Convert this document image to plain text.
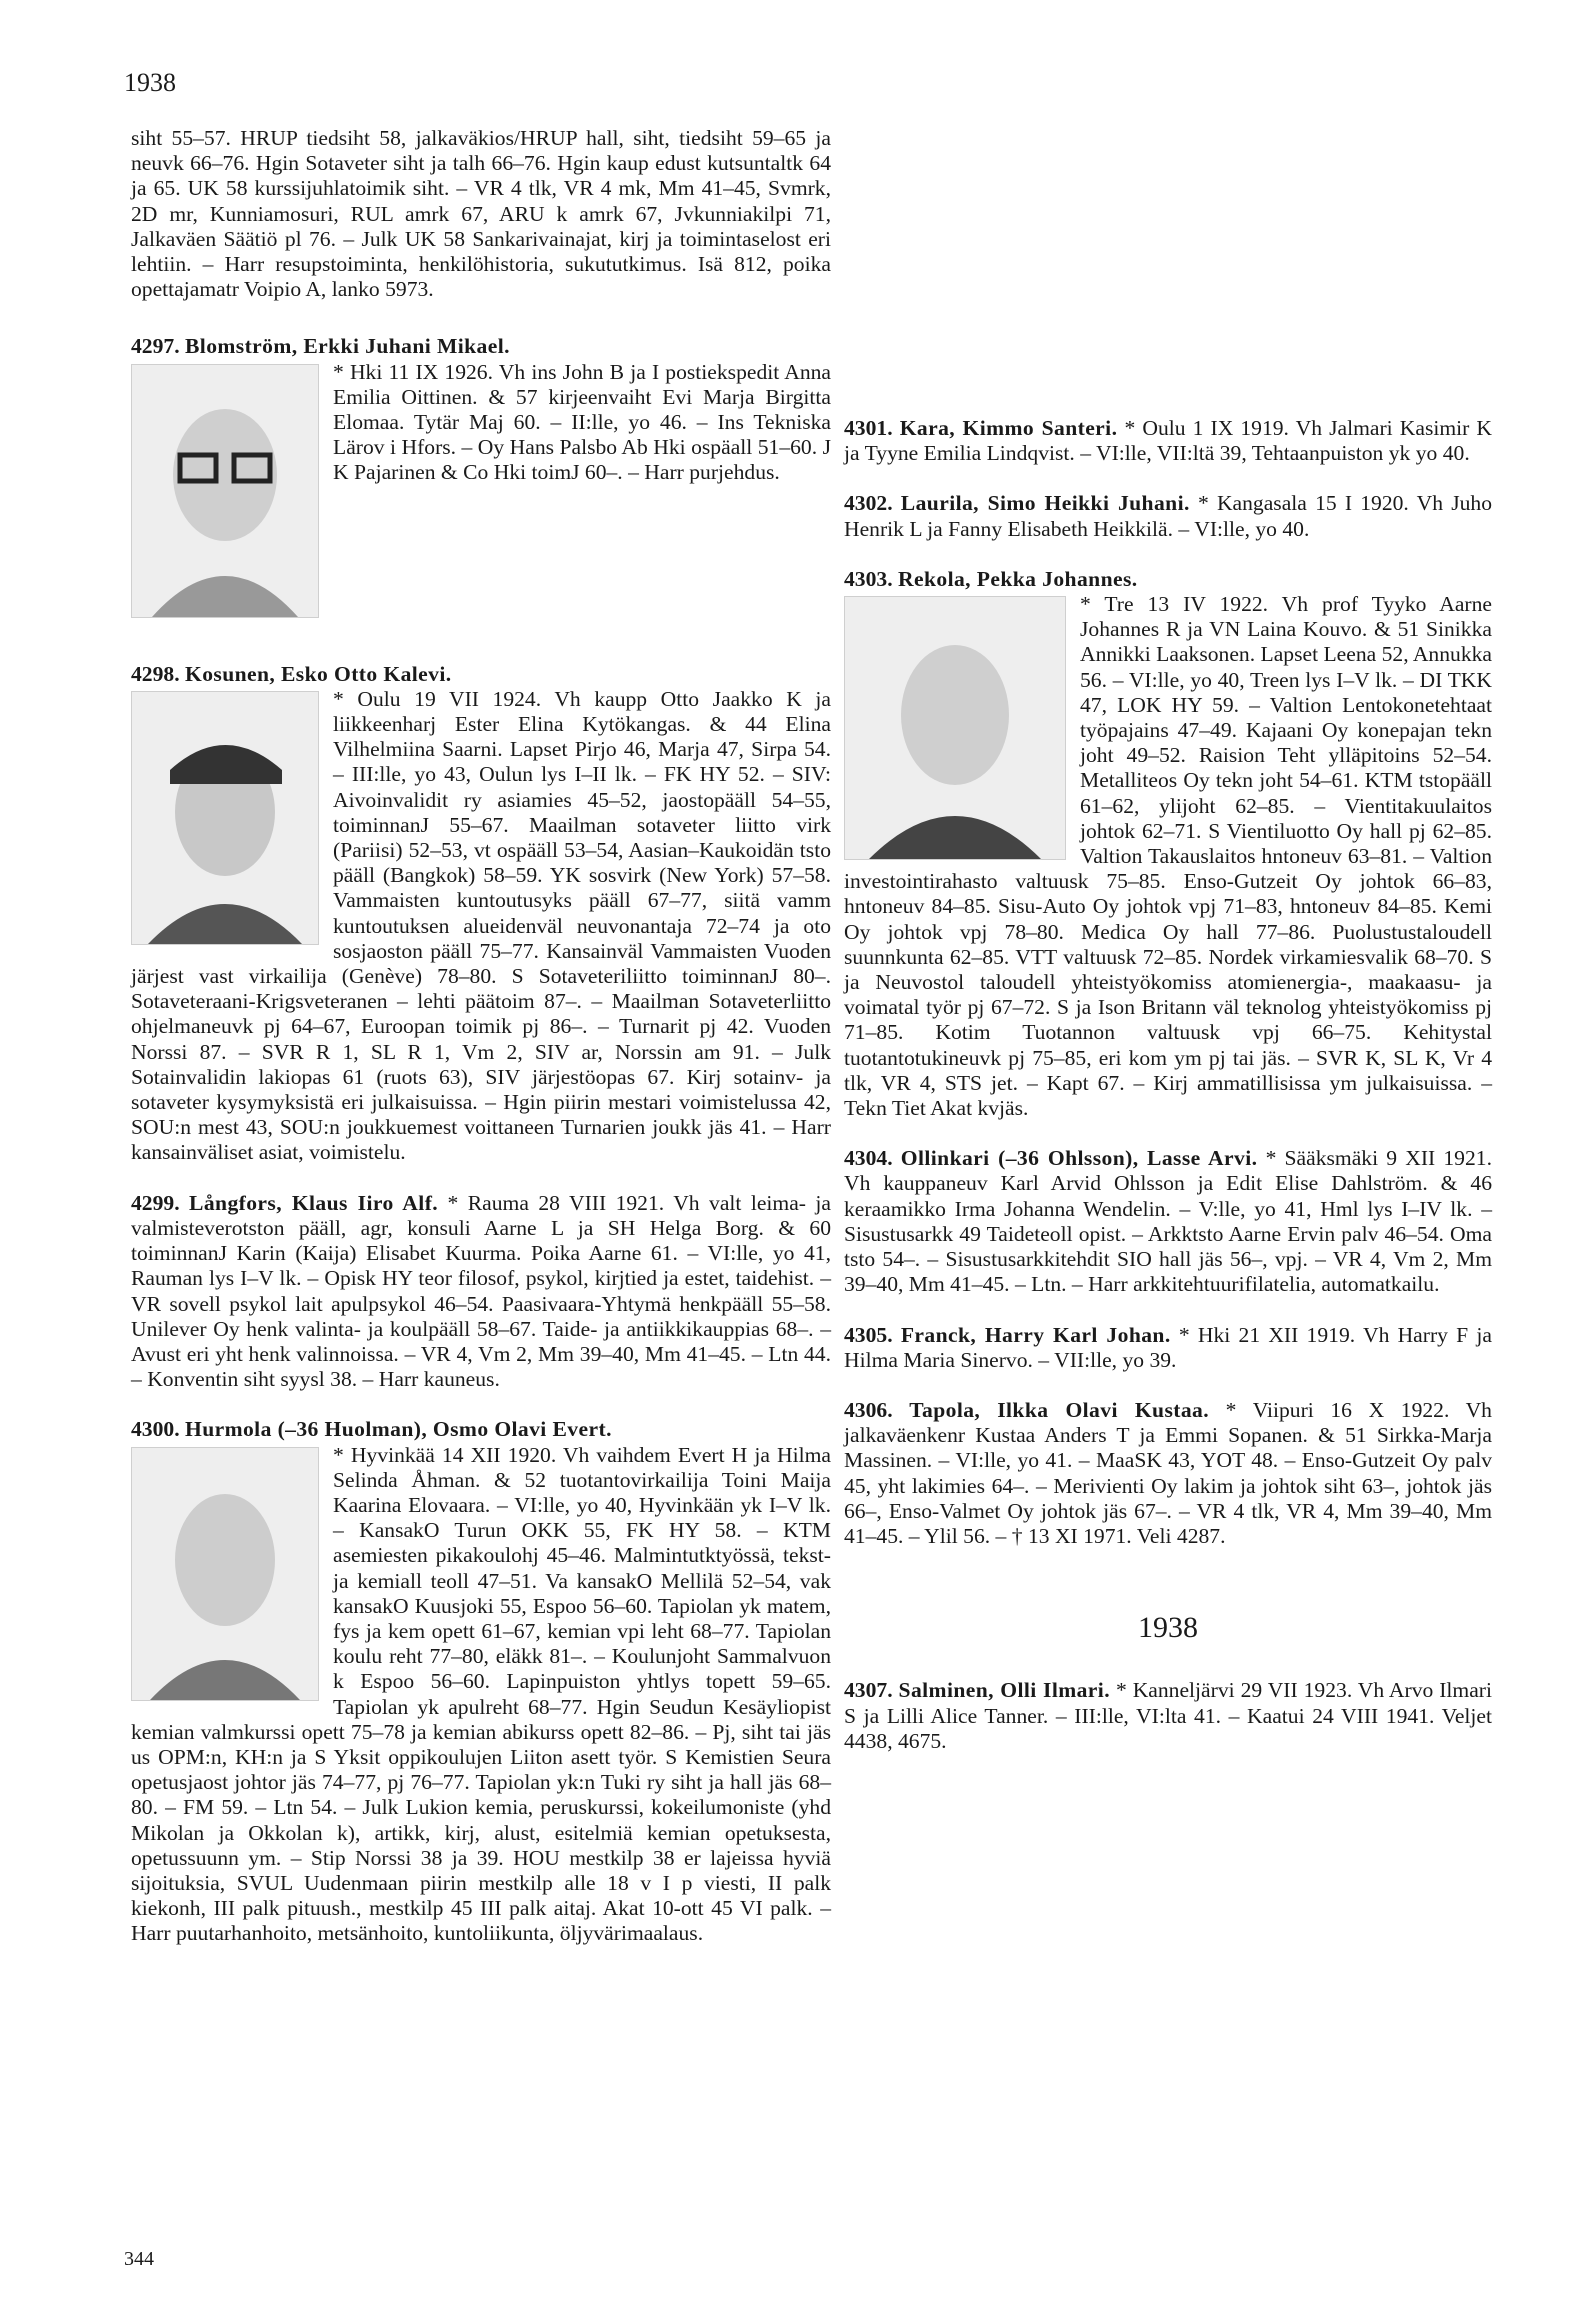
1938

siht 55–57. HRUP tiedsiht 58, jalkaväkios/HRUP hall, siht, tiedsiht 59–65 ja neuvk 66–76. Hgin Sotaveter siht ja talh 66–76. Hgin kaup edust kutsuntaltk 64 ja 65. UK 58 kurssijuhlatoimik siht. – VR 4 tlk, VR 4 mk, Mm 41–45, Svmrk, 2D mr, Kunniamosuri, RUL amrk 67, ARU k amrk 67, Jvkunniakilpi 71, Jalkaväen Säätiö pl 76. – Julk UK 58 Sankarivainajat, kirj ja toimintaselost eri lehtiin. – Harr resupstoiminta, henkilöhistoria, sukututkimus. Isä 812, poika opettajamatr Voipio A, lanko 5973.

4297. Blomström, Erkki Juhani Mikael.

* Hki 11 IX 1926. Vh ins John B ja I postiekspedit Anna Emilia Oittinen. & 57 kirjeenvaiht Evi Marja Birgitta Elomaa. Tytär Maj 60. – II:lle, yo 46. – Ins Tekniska Lärov i Hfors. – Oy Hans Palsbo Ab Hki ospäall 51–60. J K Pajarinen & Co Hki toimJ 60–. – Harr purjehdus.

4298. Kosunen, Esko Otto Kalevi.

* Oulu 19 VII 1924. Vh kaupp Otto Jaakko K ja liikkeenharj Ester Elina Kytökangas. & 44 Elina Vilhelmiina Saarni. Lapset Pirjo 46, Marja 47, Sirpa 54. – III:lle, yo 43, Oulun lys I–II lk. – FK HY 52. – SIV: Aivoinvalidit ry asiamies 45–52, jaostopääll 54–55, toiminnanJ 55–67. Maailman sotaveter liitto virk (Pariisi) 52–53, vt ospääll 53–54, Aasian–Kaukoidän tsto pääll (Bangkok) 58–59. YK sosvirk (New York) 57–58. Vammaisten kuntoutusyks pääll 67–77, siitä vamm kuntoutuksen alueidenväl neuvonantaja 72–74 ja oto sosjaoston pääll 75–77. Kansainväl Vammaisten Vuoden järjest vast virkailija (Genève) 78–80. S Sotaveteriliitto toiminnanJ 80–. Sotaveteraani-Krigsveteranen – lehti päätoim 87–. – Maailman Sotaveterliitto ohjelmaneuvk pj 64–67, Euroopan toimik pj 86–. – Turnarit pj 42. Vuoden Norssi 87. – SVR R 1, SL R 1, Vm 2, SIV ar, Norssin am 91. – Julk Sotainvalidin lakiopas 61 (ruots 63), SIV järjestöopas 67. Kirj sotainv- ja sotaveter kysymyksistä eri julkaisuissa. – Hgin piirin mestari voimistelussa 42, SOU:n mest 43, SOU:n joukkuemest voittaneen Turnarien joukk jäs 41. – Harr kansainväliset asiat, voimistelu.

4299. Långfors, Klaus Iiro Alf. * Rauma 28 VIII 1921. Vh valt leima- ja valmisteverotston pääll, agr, konsuli Aarne L ja SH Helga Borg. & 60 toiminnanJ Karin (Kaija) Elisabet Kuurma. Poika Aarne 61. – VI:lle, yo 41, Rauman lys I–V lk. – Opisk HY teor filosof, psykol, kirjtied ja estet, taidehist. – VR sovell psykol lait apulpsykol 46–54. Paasivaara-Yhtymä henkpääll 55–58. Unilever Oy henk valinta- ja koulpääll 58–67. Taide- ja antiikkikauppias 68–. – Avust eri yht henk valinnoissa. – VR 4, Vm 2, Mm 39–40, Mm 41–45. – Ltn 44. – Konventin siht syysl 38. – Harr kauneus.

4300. Hurmola (–36 Huolman), Osmo Olavi Evert.

* Hyvinkää 14 XII 1920. Vh vaihdem Evert H ja Hilma Selinda Åhman. & 52 tuotantovirkailija Toini Maija Kaarina Elovaara. – VI:lle, yo 40, Hyvinkään yk I–V lk. – KansakO Turun OKK 55, FK HY 58. – KTM asemiesten pikakoulohj 45–46. Malmintutktyössä, tekst- ja kemiall teoll 47–51. Va kansakO Mellilä 52–54, vak kansakO Kuusjoki 55, Espoo 56–60. Tapiolan yk matem, fys ja kem opett 61–67, kemian vpi leht 68–77. Tapiolan koulu reht 77–80, eläkk 81–. – Koulunjoht Sammalvuon k Espoo 56–60. Lapinpuiston yhtlys topett 59–65. Tapiolan yk apulreht 68–77. Hgin Seudun Kesäyliopist kemian valmkurssi opett 75–78 ja kemian abikurss opett 82–86. – Pj, siht tai jäs us OPM:n, KH:n ja S Yksit oppikoulujen Liiton asett työr. S Kemistien Seura opetusjaost johtor jäs 74–77, pj 76–77. Tapiolan yk:n Tuki ry siht ja hall jäs 68–80. – FM 59. – Ltn 54. – Julk Lukion kemia, peruskurssi, kokeilumoniste (yhd Mikolan ja Okkolan k), artikk, kirj, alust, esitelmiä kemian opetuksesta, opetussuunn ym. – Stip Norssi 38 ja 39. HOU mestkilp 38 er lajeissa hyviä sijoituksia, SVUL Uudenmaan piirin mestkilp alle 18 v I p viesti, II palk kiekonh, III palk pituush., mestkilp 45 III palk aitaj. Akat 10-ott 45 VI palk. – Harr puutarhanhoito, metsänhoito, kuntoliikunta, öljyvärimaalaus.

4301. Kara, Kimmo Santeri. * Oulu 1 IX 1919. Vh Jalmari Kasimir K ja Tyyne Emilia Lindqvist. – VI:lle, VII:ltä 39, Tehtaanpuiston yk yo 40.

4302. Laurila, Simo Heikki Juhani. * Kangasala 15 I 1920. Vh Juho Henrik L ja Fanny Elisabeth Heikkilä. – VI:lle, yo 40.

4303. Rekola, Pekka Johannes.

* Tre 13 IV 1922. Vh prof Tyyko Aarne Johannes R ja VN Laina Kouvo. & 51 Sinikka Annikki Laaksonen. Lapset Leena 52, Annukka 56. – VI:lle, yo 40, Treen lys I–V lk. – DI TKK 47, LOK HY 59. – Valtion Lentokonetehtaat työpajains 47–49. Kajaani Oy konepajan tekn joht 49–52. Raision Teht ylläpitoins 52–54. Metalliteos Oy tekn joht 54–61. KTM tstopääll 61–62, ylijoht 62–85. – Vientitakuulaitos johtok 62–71. S Vientiluotto Oy hall pj 62–85. Valtion Takauslaitos hntoneuv 63–81. – Valtion investointirahasto valtuusk 75–85. Enso-Gutzeit Oy johtok 66–83, hntoneuv 84–85. Sisu-Auto Oy johtok vpj 71–83, hntoneuv 84–85. Kemi Oy johtok vpj 78–80. Medica Oy hall 77–86. Puolustustaloudell suunnkunta 62–85. VTT valtuusk 72–85. Nordek virkamiesvalik 68–70. S ja Neuvostol taloudell yhteistyökomiss atomienergia-, maakaasu- ja voimatal työr pj 67–72. S ja Ison Britann väl teknolog yhteistyökomiss pj 71–85. Kotim Tuotannon valtuusk vpj 66–75. Kehitystal tuotantotukineuvk pj 75–85, eri kom ym pj tai jäs. – SVR K, SL K, Vr 4 tlk, VR 4, STS jet. – Kapt 67. – Kirj ammatillisissa ym julkaisuissa. – Tekn Tiet Akat kvjäs.

4304. Ollinkari (–36 Ohlsson), Lasse Arvi. * Sääksmäki 9 XII 1921. Vh kauppaneuv Karl Arvid Ohlsson ja Edit Elise Dahlström. & 46 keraamikko Irma Johanna Wendelin. – V:lle, yo 41, Hml lys I–IV lk. – Sisustusarkk 49 Taideteoll opist. – Arkktsto Aarne Ervin palv 46–54. Oma tsto 54–. – Sisustusarkkitehdit SIO hall jäs 56–, vpj. – VR 4, Vm 2, Mm 39–40, Mm 41–45. – Ltn. – Harr arkkitehtuurifilatelia, automatkailu.

4305. Franck, Harry Karl Johan. * Hki 21 XII 1919. Vh Harry F ja Hilma Maria Sinervo. – VII:lle, yo 39.

4306. Tapola, Ilkka Olavi Kustaa. * Viipuri 16 X 1922. Vh jalkaväenkenr Kustaa Anders T ja Emmi Sopanen. & 51 Sirkka-Marja Massinen. – VI:lle, yo 41. – MaaSK 43, YOT 48. – Enso-Gutzeit Oy palv 45, yht lakimies 64–. – Merivienti Oy lakim ja johtok siht 63–, johtok jäs 66–, Enso-Valmet Oy johtok jäs 67–. – VR 4 tlk, VR 4, Mm 39–40, Mm 41–45. – Ylil 56. – † 13 XI 1971. Veli 4287.

1938

4307. Salminen, Olli Ilmari. * Kanneljärvi 29 VII 1923. Vh Arvo Ilmari S ja Lilli Alice Tanner. – III:lle, VI:lta 41. – Kaatui 24 VIII 1941. Veljet 4438, 4675.

344
